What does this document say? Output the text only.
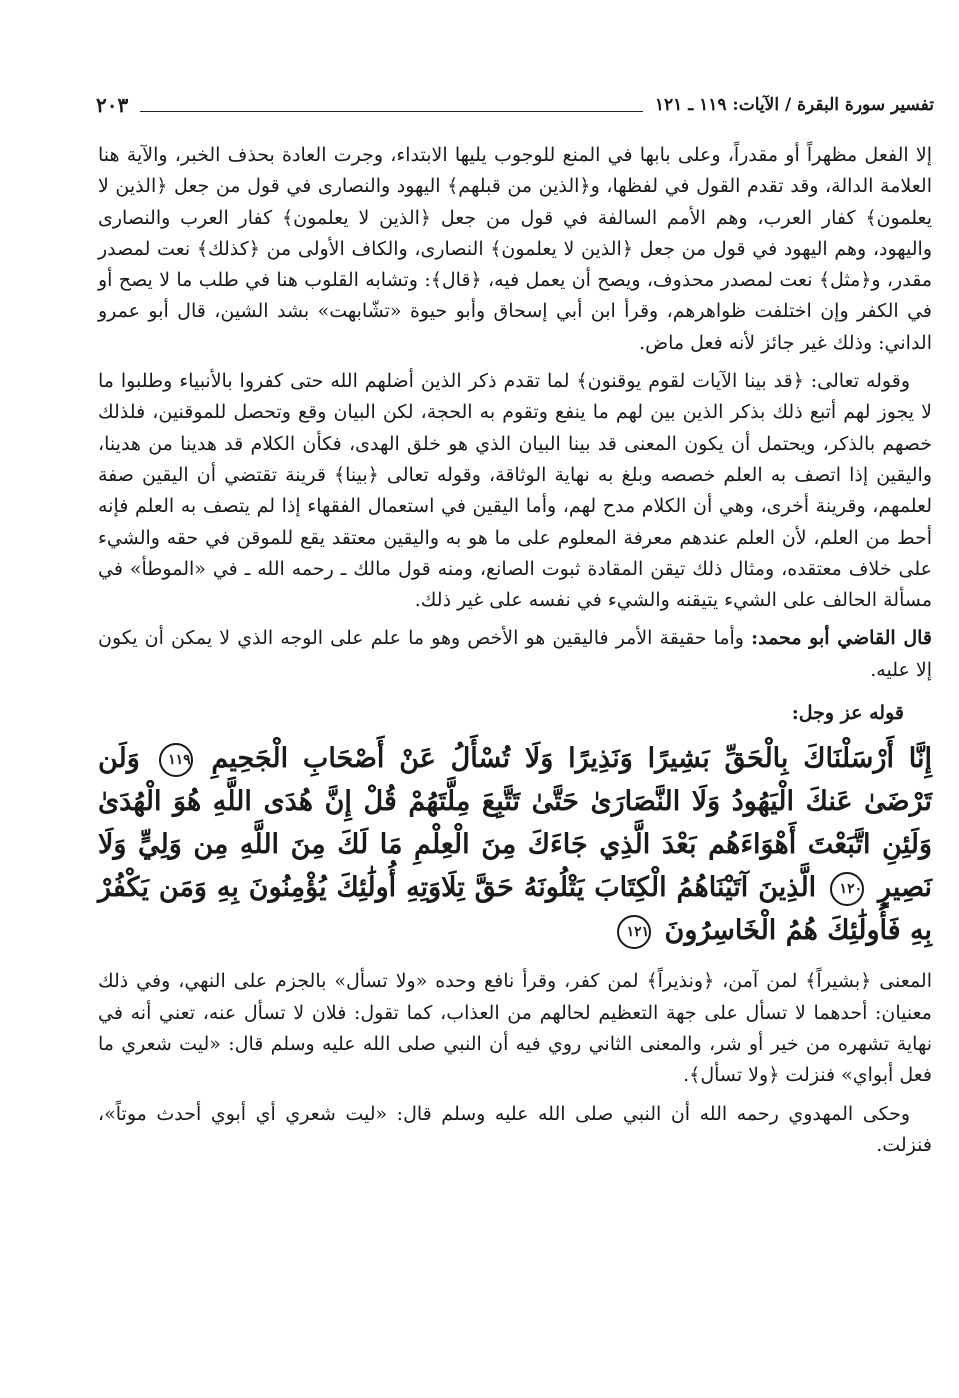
تفسير سورة البقرة / الآيات: ١١٩ ـ ١٢١
٢٠٣

إلا الفعل مظهراً أو مقدراً، وعلى بابها في المنع للوجوب يليها الابتداء، وجرت العادة بحذف الخبر، والآية هنا العلامة الدالة، وقد تقدم القول في لفظها، و﴿الذين من قبلهم﴾ اليهود والنصارى في قول من جعل ﴿الذين لا يعلمون﴾ كفار العرب، وهم الأمم السالفة في قول من جعل ﴿الذين لا يعلمون﴾ كفار العرب والنصارى واليهود، وهم اليهود في قول من جعل ﴿الذين لا يعلمون﴾ النصارى، والكاف الأولى من ﴿كذلك﴾ نعت لمصدر مقدر، و﴿مثل﴾ نعت لمصدر محذوف، ويصح أن يعمل فيه، ﴿قال﴾: وتشابه القلوب هنا في طلب ما لا يصح أو في الكفر وإن اختلفت ظواهرهم، وقرأ ابن أبي إسحاق وأبو حيوة «تشّابهت» بشد الشين، قال أبو عمرو الداني: وذلك غير جائز لأنه فعل ماض.

وقوله تعالى: ﴿قد بينا الآيات لقوم يوقنون﴾ لما تقدم ذكر الذين أضلهم الله حتى كفروا بالأنبياء وطلبوا ما لا يجوز لهم أتبع ذلك بذكر الذين بين لهم ما ينفع وتقوم به الحجة، لكن البيان وقع وتحصل للموقنين، فلذلك خصهم بالذكر، ويحتمل أن يكون المعنى قد بينا البيان الذي هو خلق الهدى، فكأن الكلام قد هدينا من هدينا، واليقين إذا اتصف به العلم خصصه وبلغ به نهاية الوثاقة، وقوله تعالى ﴿بينا﴾ قرينة تقتضي أن اليقين صفة لعلمهم، وقرينة أخرى، وهي أن الكلام مدح لهم، وأما اليقين في استعمال الفقهاء إذا لم يتصف به العلم فإنه أحط من العلم، لأن العلم عندهم معرفة المعلوم على ما هو به واليقين معتقد يقع للموقن في حقه والشيء على خلاف معتقده، ومثال ذلك تيقن المقادة ثبوت الصانع، ومنه قول مالك ـ رحمه الله ـ في «الموطأ» في مسألة الحالف على الشيء يتيقنه والشيء في نفسه على غير ذلك.

قال القاضي أبو محمد: وأما حقيقة الأمر فاليقين هو الأخص وهو ما علم على الوجه الذي لا يمكن أن يكون إلا عليه.

قوله عز وجل:

إِنَّا أَرْسَلْنَاكَ بِالْحَقِّ بَشِيرًا وَنَذِيرًا وَلَا تُسْأَلُ عَنْ أَصْحَابِ الْجَحِيمِ ١١٩ وَلَن تَرْضَىٰ عَنكَ الْيَهُودُ وَلَا النَّصَارَىٰ حَتَّىٰ تَتَّبِعَ مِلَّتَهُمْ قُلْ إِنَّ هُدَى اللَّهِ هُوَ الْهُدَىٰ وَلَئِنِ اتَّبَعْتَ أَهْوَاءَهُم بَعْدَ الَّذِي جَاءَكَ مِنَ الْعِلْمِ مَا لَكَ مِنَ اللَّهِ مِن وَلِيٍّ وَلَا نَصِيرٍ ١٢٠ الَّذِينَ آتَيْنَاهُمُ الْكِتَابَ يَتْلُونَهُ حَقَّ تِلَاوَتِهِ أُولَٰئِكَ يُؤْمِنُونَ بِهِ وَمَن يَكْفُرْ بِهِ فَأُولَٰئِكَ هُمُ الْخَاسِرُونَ ١٢١

المعنى ﴿بشيراً﴾ لمن آمن، ﴿ونذيراً﴾ لمن كفر، وقرأ نافع وحده «ولا تسأل» بالجزم على النهي، وفي ذلك معنيان: أحدهما لا تسأل على جهة التعظيم لحالهم من العذاب، كما تقول: فلان لا تسأل عنه، تعني أنه في نهاية تشهره من خير أو شر، والمعنى الثاني روي فيه أن النبي صلى الله عليه وسلم قال: «ليت شعري ما فعل أبواي» فنزلت ﴿ولا تسأل﴾.

وحكى المهدوي رحمه الله أن النبي صلى الله عليه وسلم قال: «ليت شعري أي أبوي أحدث موتاً»، فنزلت.
